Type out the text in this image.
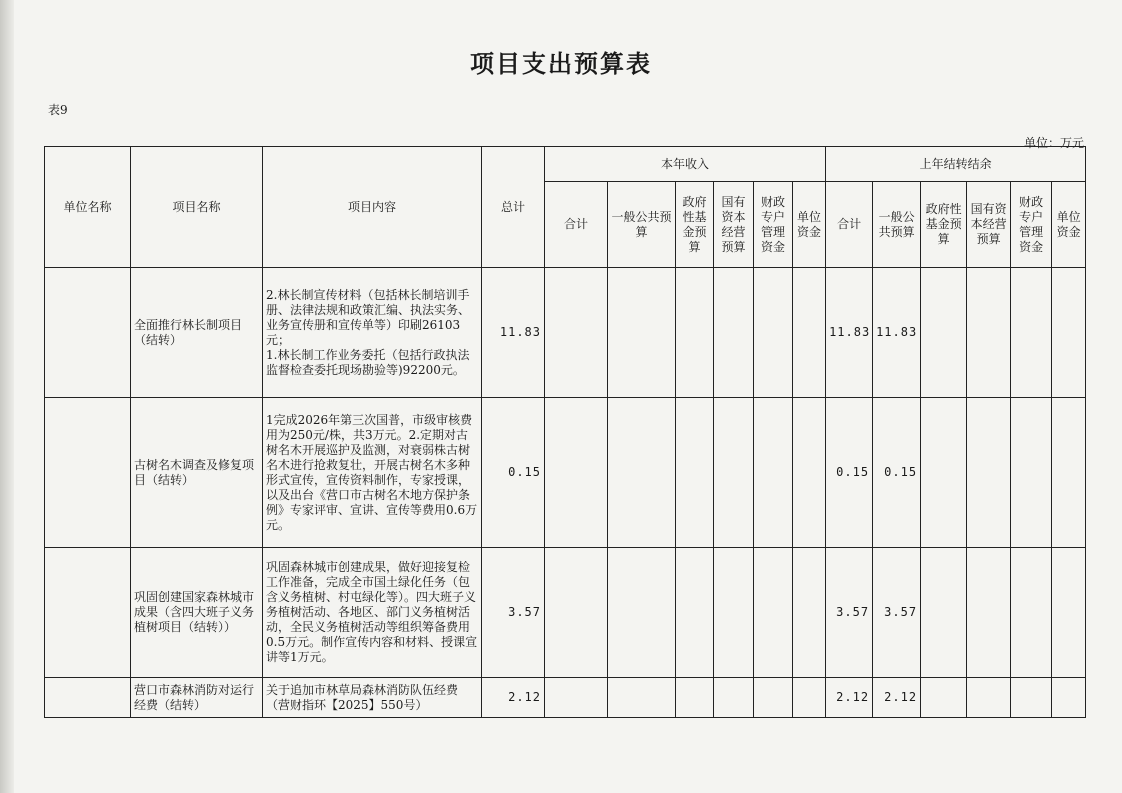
项目支出预算表
表9
单位：万元
单位名称	项目名称	项目内容	总计	本年收入						上年结转结余					
				合计	一般公共预算	政府性基金预算	国有资本经营预算	财政专户管理资金	单位资金	合计	一般公共预算	政府性基金预算	国有资本经营预算	财政专户管理资金	单位资金
	全面推行林长制项目（结转）	2.林长制宣传材料（包括林长制培训手册、法律法规和政策汇编、执法实务、业务宣传册和宣传单等）印刷26103元；
1.林长制工作业务委托（包括行政执法监督检查委托现场勘验等)92200元。	11.83							11.83	11.83				
	古树名木调查及修复项目（结转）	1完成2026年第三次国普，市级审核费用为250元/株，共3万元。2.定期对古树名木开展巡护及监测，对衰弱株古树名木进行抢救复壮，开展古树名木多种形式宣传，宣传资料制作，专家授课，以及出台《营口市古树名木地方保护条例》专家评审、宣讲、宣传等费用0.6万元。	0.15							0.15	0.15				
	巩固创建国家森林城市成果（含四大班子义务植树项目（结转））	巩固森林城市创建成果，做好迎接复检工作准备，完成全市国土绿化任务（包含义务植树、村屯绿化等）。四大班子义务植树活动、各地区、部门义务植树活动，全民义务植树活动等组织筹备费用0.5万元。制作宣传内容和材料、授课宣讲等1万元。	3.57							3.57	3.57				
	营口市森林消防对运行经费（结转）	关于追加市林草局森林消防队伍经费（营财指环【2025】550号）	2.12							2.12	2.12				
